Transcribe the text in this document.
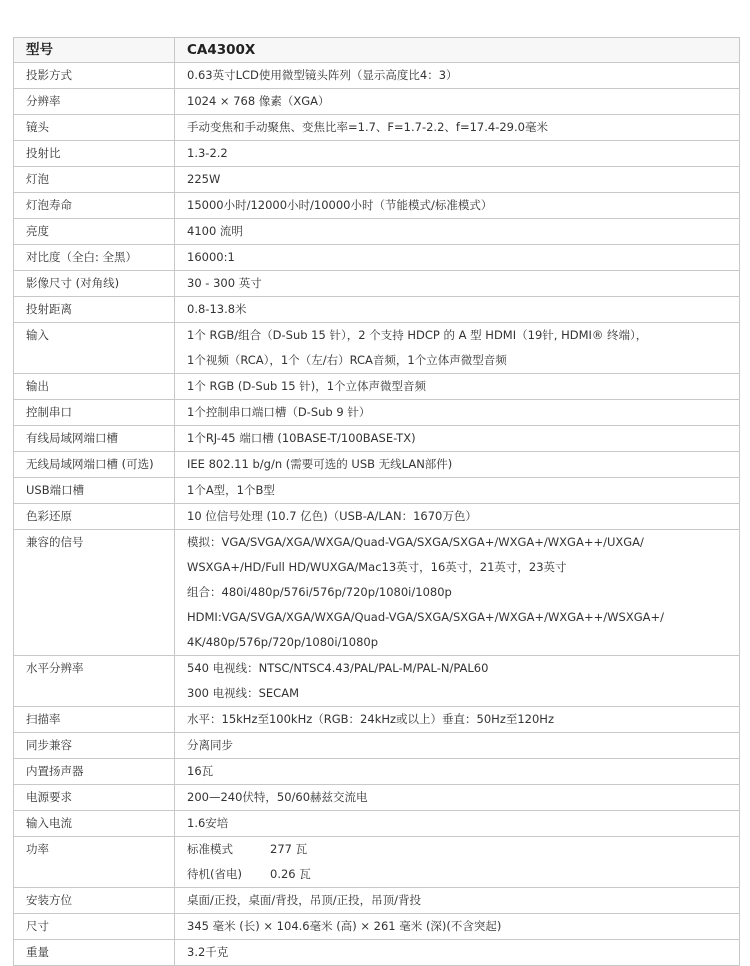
型号	CA4300X

投影方式	0.63英寸LCD使用微型镜头阵列（显示高度比4：3）

分辨率	1024 × 768 像素（XGA）

镜头	手动变焦和手动聚焦、变焦比率=1.7、F=1.7-2.2、f=17.4-29.0毫米

投射比	1.3-2.2

灯泡	225W

灯泡寿命	15000小时/12000小时/10000小时（节能模式/标准模式）

亮度	4100 流明

对比度（全白: 全黑）	16000:1

影像尺寸 (对角线)	30 - 300 英寸

投射距离	0.8-13.8米

输入	1个 RGB/组合（D-Sub 15 针），2 个支持 HDCP 的 A 型 HDMI（19针, HDMI® 终端），
1个视频（RCA），1个（左/右）RCA音频，1个立体声微型音频

输出	1个 RGB (D-Sub 15 针)，1个立体声微型音频

控制串口	1个控制串口端口槽（D-Sub 9 针）

有线局域网端口槽	1个RJ-45 端口槽 (10BASE-T/100BASE-TX)

无线局域网端口槽 (可选)	IEE 802.11 b/g/n (需要可选的 USB 无线LAN部件)

USB端口槽	1个A型，1个B型

色彩还原	10 位信号处理 (10.7 亿色)（USB-A/LAN：1670万色）

兼容的信号	模拟：VGA/SVGA/XGA/WXGA/Quad-VGA/SXGA/SXGA+/WXGA+/WXGA++/UXGA/
WSXGA+/HD/Full HD/WUXGA/Mac13英寸，16英寸，21英寸，23英寸
组合：480i/480p/576i/576p/720p/1080i/1080p
HDMI:VGA/SVGA/XGA/WXGA/Quad-VGA/SXGA/SXGA+/WXGA+/WXGA++/WSXGA+/
4K/480p/576p/720p/1080i/1080p

水平分辨率	540 电视线：NTSC/NTSC4.43/PAL/PAL-M/PAL-N/PAL60
300 电视线：SECAM

扫描率	水平：15kHz至100kHz（RGB：24kHz或以上）垂直：50Hz至120Hz

同步兼容	分离同步

内置扬声器	16瓦

电源要求	200—240伏特，50/60赫兹交流电

输入电流	1.6安培

功率	标准模式 277 瓦
待机(省电) 0.26 瓦

安装方位	桌面/正投，桌面/背投，吊顶/正投，吊顶/背投

尺寸	345 毫米 (长) × 104.6毫米 (高) × 261 毫米 (深)(不含突起)

重量	3.2千克
